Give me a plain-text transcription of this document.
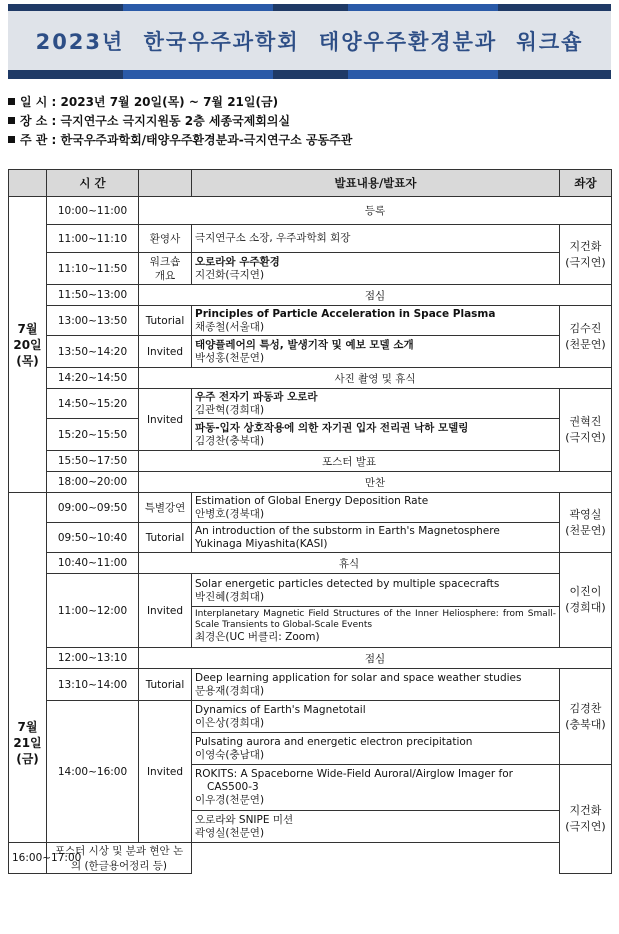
2023년 한국우주과학회 태양우주환경분과 워크숍
일 시 : 2023년 7월 20일(목) ~ 7월 21일(금)
장 소 : 극지연구소 극지지원동 2층 세종국제회의실
주 관 : 한국우주과학회/태양우주환경분과-극지연구소 공동주관
	시 간		발표내용/발표자	좌장

7월
20일
(목)	10:00~11:00	등록		
	11:00~11:10	환영사	극지연구소 소장, 우주과학회 회장	지건화
(극지연)

	11:10~11:50	워크숍
개요	오로라와 우주환경
지건화(극지연)	

	11:50~13:00	점심		
	13:00~13:50	Tutorial	Principles of Particle Acceleration in Space Plasma
채종철(서울대)	김수진
(천문연)

	13:50~14:20	Invited	태양플레어의 특성, 발생기작 및 예보 모델 소개
박성홍(천문연)	

	14:20~14:50	사진 촬영 및 휴식		
	14:50~15:20	Invited	우주 전자기 파동과 오로라
김관혁(경희대)	권혁진
(극지연)

	15:20~15:50		파동-입자 상호작용에 의한 자기권 입자 전리권 낙하 모델링
김경찬(충북대)	

	15:50~17:50	포스터 발표		
	18:00~20:00	만찬		

7월
21일
(금)	09:00~09:50	특별강연	Estimation of Global Energy Deposition Rate
안병호(경북대)	곽영실
(천문연)

	09:50~10:40	Tutorial	An introduction of the substorm in Earth's Magnetosphere
Yukinaga Miyashita(KASI)	

	10:40~11:00	휴식		이진이
(경희대)

	11:00~12:00	Invited	Solar energetic particles detected by multiple spacecrafts
박진혜(경희대)
Interplanetary Magnetic Field Structures of the Inner Heliosphere: from Small-Scale Transients to Global-Scale Events
최경은(UC 버클리: Zoom)	

	12:00~13:10	점심		
	13:10~14:00	Tutorial	Deep learning application for solar and space weather studies
문용재(경희대)	김경찬
(충북대)

	14:00~16:00	Invited	Dynamics of Earth's Magnetotail
이은상(경희대)	

			Pulsating aurora and energetic electron precipitation
이영숙(충남대)	

			ROKITS: A Spaceborne Wide-Field Auroral/Airglow Imager for
CAS500-3
이우경(천문연)	지건화
(극지연)

			오로라와 SNIPE 미션
곽영실(천문연)	

16:00~17:00	포스터 시상 및 분과 현안 논의 (한글용어정리 등)			
